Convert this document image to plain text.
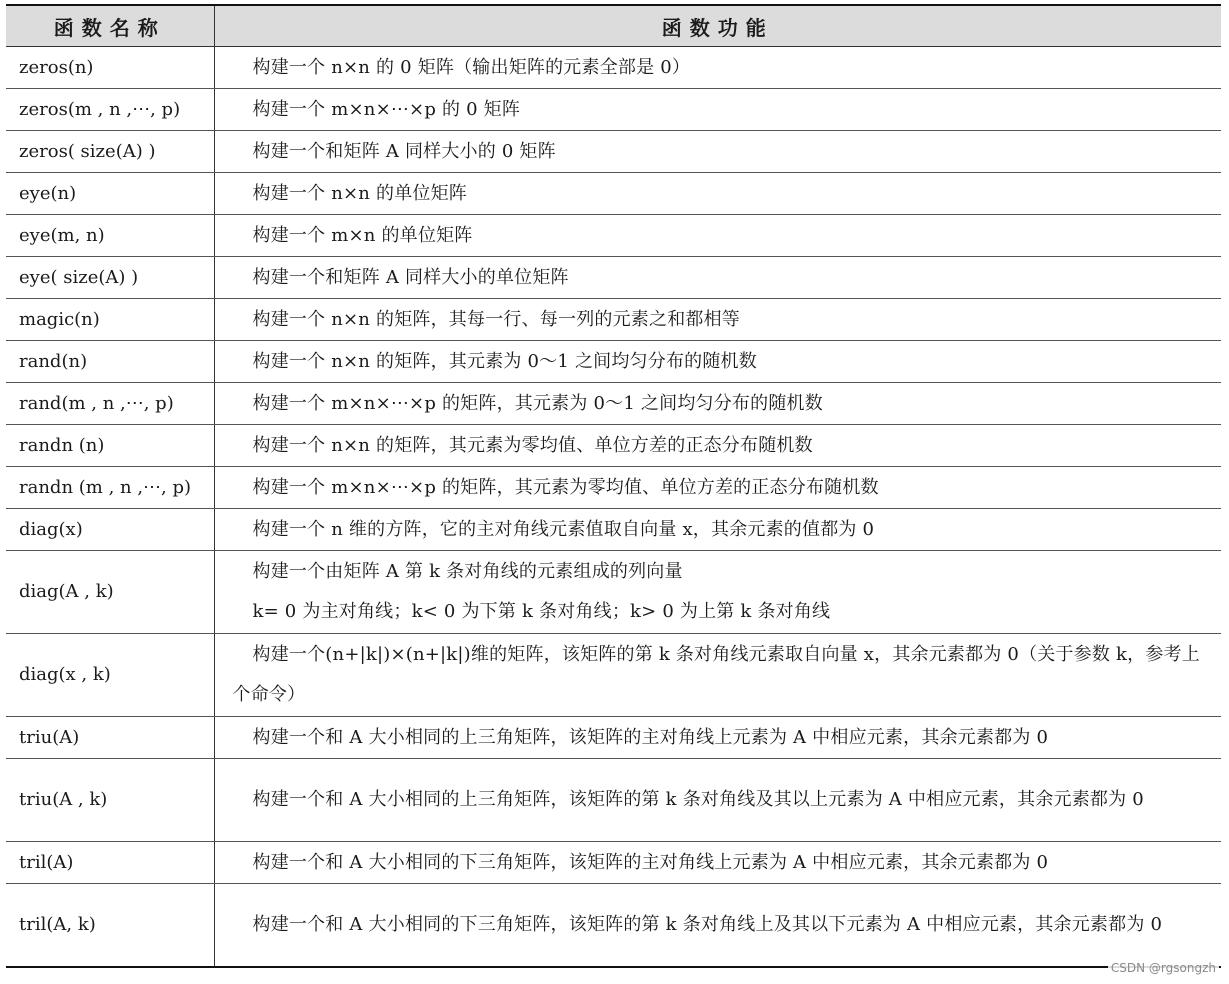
函数名称	函数功能
zeros(n)	构建一个 n×n 的 0 矩阵（输出矩阵的元素全部是 0）

zeros(m , n ,⋯, p)	构建一个 m×n×⋯×p 的 0 矩阵

zeros( size(A) )	构建一个和矩阵 A 同样大小的 0 矩阵

eye(n)	构建一个 n×n 的单位矩阵

eye(m, n)	构建一个 m×n 的单位矩阵

eye( size(A) )	构建一个和矩阵 A 同样大小的单位矩阵

magic(n)	构建一个 n×n 的矩阵，其每一行、每一列的元素之和都相等

rand(n)	构建一个 n×n 的矩阵，其元素为 0～1 之间均匀分布的随机数

rand(m , n ,⋯, p)	构建一个 m×n×⋯×p 的矩阵，其元素为 0～1 之间均匀分布的随机数

randn (n)	构建一个 n×n 的矩阵，其元素为零均值、单位方差的正态分布随机数

randn (m , n ,⋯, p)	构建一个 m×n×⋯×p 的矩阵，其元素为零均值、单位方差的正态分布随机数

diag(x)	构建一个 n 维的方阵，它的主对角线元素值取自向量 x，其余元素的值都为 0

diag(A , k)	构建一个由矩阵 A 第 k 条对角线的元素组成的列向量
k= 0 为主对角线；k< 0 为下第 k 条对角线；k> 0 为上第 k 条对角线

diag(x , k)	构建一个(n+|k|)×(n+|k|)维的矩阵，该矩阵的第 k 条对角线元素取自向量 x，其余元素都为 0（关于参数 k，参考上个命令）
triu(A)	构建一个和 A 大小相同的上三角矩阵，该矩阵的主对角线上元素为 A 中相应元素，其余元素都为 0

triu(A , k)	构建一个和 A 大小相同的上三角矩阵，该矩阵的第 k 条对角线及其以上元素为 A 中相应元素，其余元素都为 0
tril(A)	构建一个和 A 大小相同的下三角矩阵，该矩阵的主对角线上元素为 A 中相应元素，其余元素都为 0

tril(A, k)	构建一个和 A 大小相同的下三角矩阵，该矩阵的第 k 条对角线上及其以下元素为 A 中相应元素，其余元素都为 0
CSDN @rgsongzh
